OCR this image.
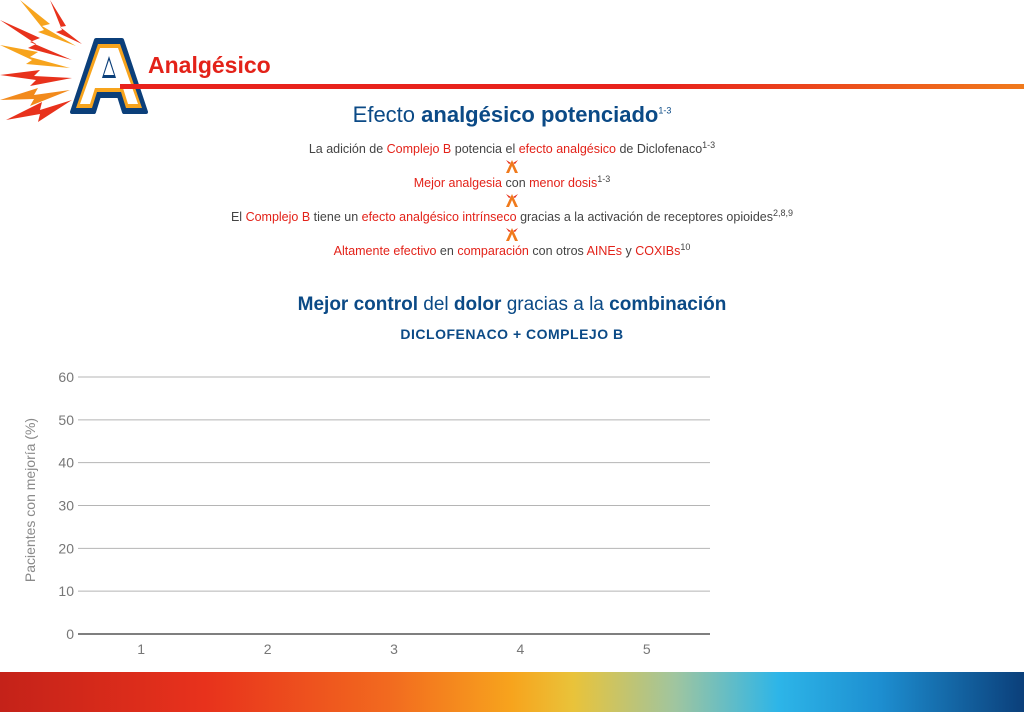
Analgésico
Efecto analgésico potenciado$^{1-3}$
La adición de Complejo B potencia el efecto analgésico de Diclofenaco$^{1-3}$
Mejor analgesia con menor dosis$^{1-3}$
El Complejo B tiene un efecto analgésico intrínseco gracias a la activación de receptores opioides$^{2,8,9}$
Altamente efectivo en comparación con otros AINEs y COXIBs$^{10}$
Mejor control del dolor gracias a la combinación
DICLOFENACO + COMPLEJO B
0
10
20
30
40
50
60
1	2	3	4	5
Pacientes con mejoría (%)
